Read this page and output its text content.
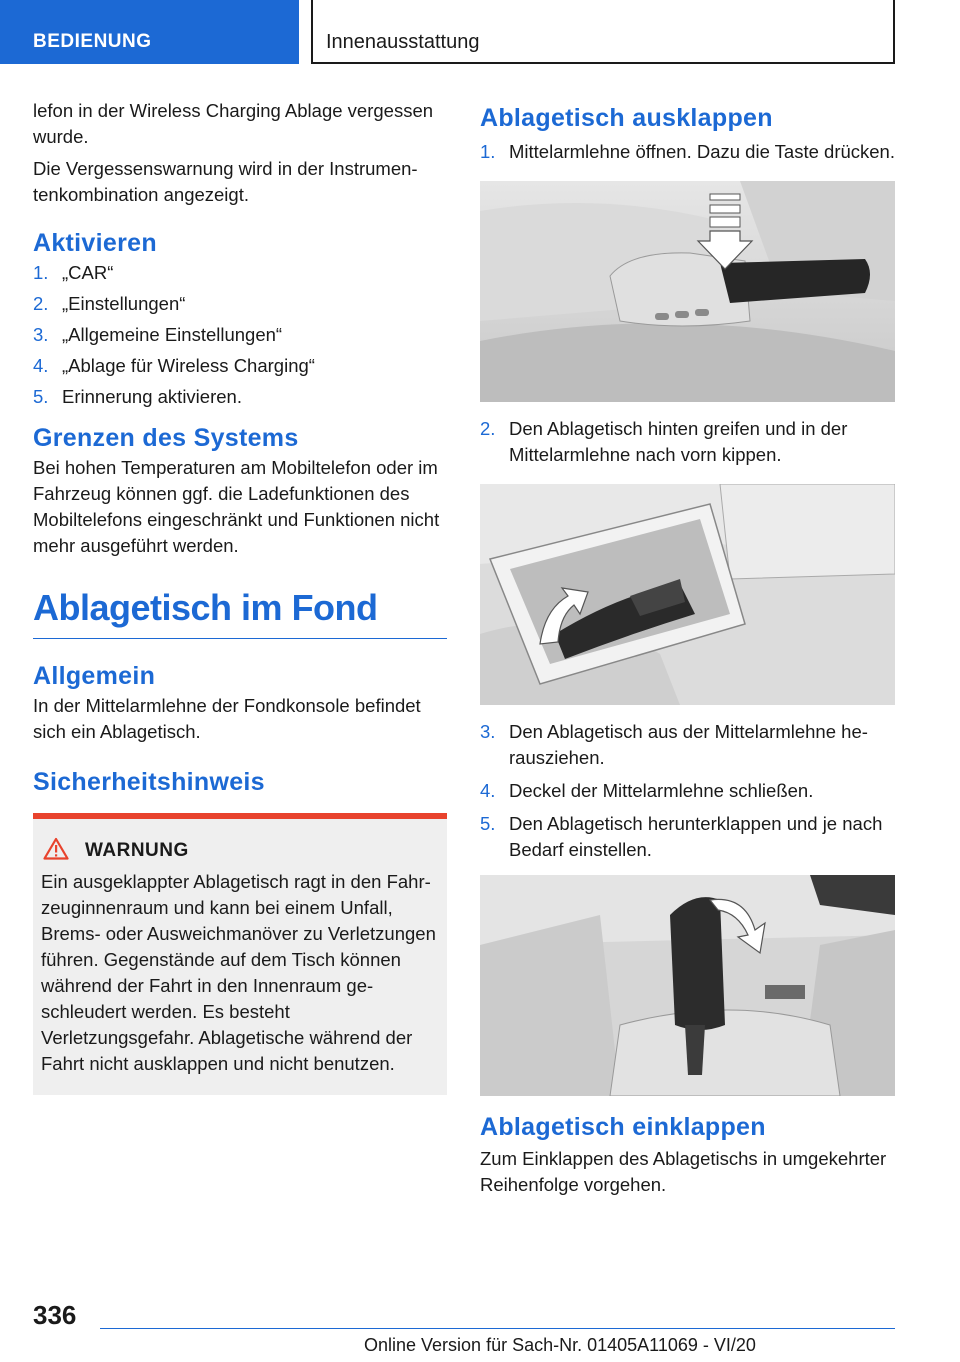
BEDIENUNG	Innenausstattung

lefon in der Wireless Charging Ablage vergessen wurde.

Die Vergessenswarnung wird in der Instrumentenkombination angezeigt.

Aktivieren
1. „CAR“
2. „Einstellungen“
3. „Allgemeine Einstellungen“
4. „Ablage für Wireless Charging“
5. Erinnerung aktivieren.
Grenzen des Systems

Bei hohen Temperaturen am Mobiltelefon oder im Fahrzeug können ggf. die Ladefunktionen des Mobiltelefons eingeschränkt und Funktionen nicht mehr ausgeführt werden.

Ablagetisch im Fond
Allgemein

In der Mittelarmlehne der Fondkonsole befindet sich ein Ablagetisch.

Sicherheitshinweis
WARNUNG

Ein ausgeklappter Ablagetisch ragt in den Fahrzeuginnenraum und kann bei einem Unfall, Brems- oder Ausweichmanöver zu Verletzungen führen. Gegenstände auf dem Tisch können während der Fahrt in den Innenraum geschleudert werden. Es besteht Verletzungsgefahr. Ablagetische während der Fahrt nicht ausklappen und nicht benutzen.

Ablagetisch ausklappen
1. Mittelarmlehne öffnen. Dazu die Taste drücken.
2. Den Ablagetisch hinten greifen und in der Mittelarmlehne nach vorn kippen.
3. Den Ablagetisch aus der Mittelarmlehne herausziehen.
4. Deckel der Mittelarmlehne schließen.
5. Den Ablagetisch herunterklappen und je nach Bedarf einstellen.
Ablagetisch einklappen

Zum Einklappen des Ablagetischs in umgekehrter Reihenfolge vorgehen.

336
Online Version für Sach-Nr. 01405A11069 - VI/20
